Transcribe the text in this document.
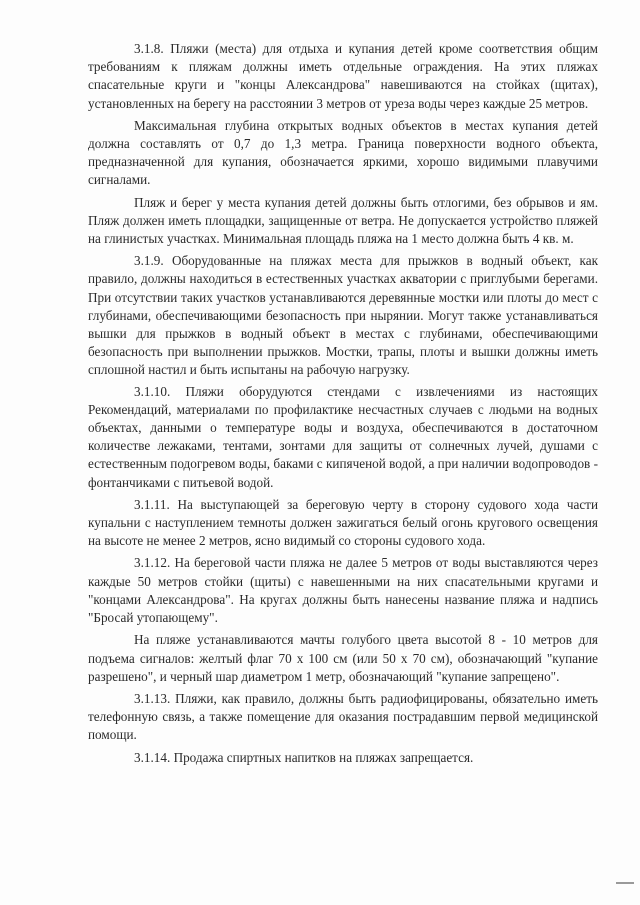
3.1.8. Пляжи (места) для отдыха и купания детей кроме соответствия общим требованиям к пляжам должны иметь отдельные ограждения. На этих пляжах спасательные круги и "концы Александрова" навешиваются на стойках (щитах), установленных на берегу на расстоянии 3 метров от уреза воды через каждые 25 метров.

Максимальная глубина открытых водных объектов в местах купания детей должна составлять от 0,7 до 1,3 метра. Граница поверхности водного объекта, предназначенной для купания, обозначается яркими, хорошо видимыми плавучими сигналами.

Пляж и берег у места купания детей должны быть отлогими, без обрывов и ям. Пляж должен иметь площадки, защищенные от ветра. Не допускается устройство пляжей на глинистых участках. Минимальная площадь пляжа на 1 место должна быть 4 кв. м.

3.1.9. Оборудованные на пляжах места для прыжков в водный объект, как правило, должны находиться в естественных участках акватории с приглубыми берегами. При отсутствии таких участков устанавливаются деревянные мостки или плоты до мест с глубинами, обеспечивающими безопасность при нырянии. Могут также устанавливаться вышки для прыжков в водный объект в местах с глубинами, обеспечивающими безопасность при выполнении прыжков. Мостки, трапы, плоты и вышки должны иметь сплошной настил и быть испытаны на рабочую нагрузку.

3.1.10. Пляжи оборудуются стендами с извлечениями из настоящих Рекомендаций, материалами по профилактике несчастных случаев с людьми на водных объектах, данными о температуре воды и воздуха, обеспечиваются в достаточном количестве лежаками, тентами, зонтами для защиты от солнечных лучей, душами с естественным подогревом воды, баками с кипяченой водой, а при наличии водопроводов - фонтанчиками с питьевой водой.

3.1.11. На выступающей за береговую черту в сторону судового хода части купальни с наступлением темноты должен зажигаться белый огонь кругового освещения на высоте не менее 2 метров, ясно видимый со стороны судового хода.

3.1.12. На береговой части пляжа не далее 5 метров от воды выставляются через каждые 50 метров стойки (щиты) с навешенными на них спасательными кругами и "концами Александрова". На кругах должны быть нанесены название пляжа и надпись "Бросай утопающему".

На пляже устанавливаются мачты голубого цвета высотой 8 - 10 метров для подъема сигналов: желтый флаг 70 х 100 см (или 50 х 70 см), обозначающий "купание разрешено", и черный шар диаметром 1 метр, обозначающий "купание запрещено".

3.1.13. Пляжи, как правило, должны быть радиофицированы, обязательно иметь телефонную связь, а также помещение для оказания пострадавшим первой медицинской помощи.

3.1.14. Продажа спиртных напитков на пляжах запрещается.
